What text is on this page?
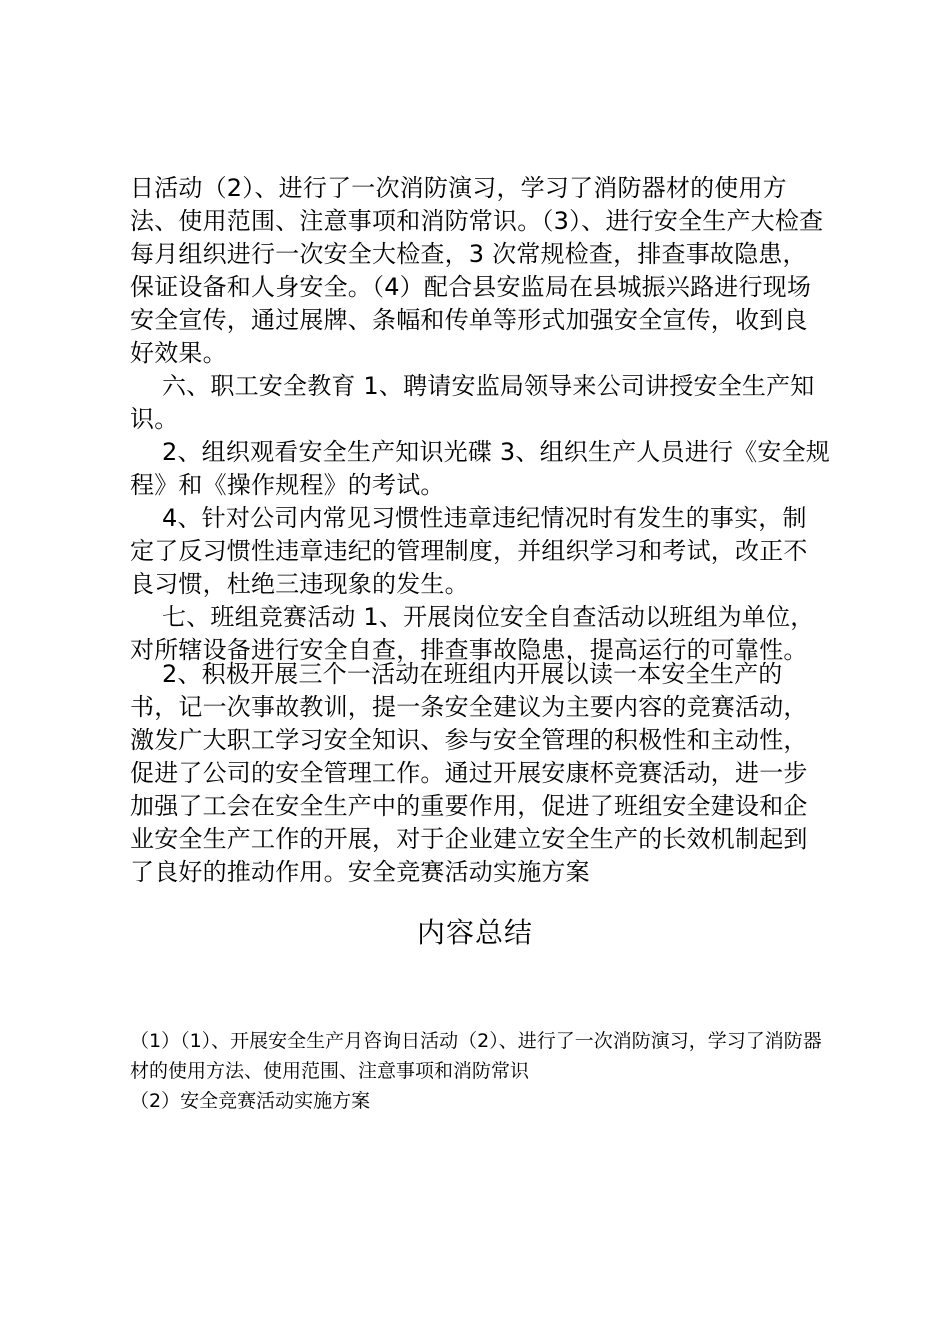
日活动（2）、进行了一次消防演习，学习了消防器材的使用方法、使用范围、注意事项和消防常识。（3）、进行安全生产大检查每月组织进行一次安全大检查，3 次常规检查，排查事故隐患，保证设备和人身安全。（4）配合县安监局在县城振兴路进行现场安全宣传，通过展牌、条幅和传单等形式加强安全宣传，收到良好效果。

六、职工安全教育 1、聘请安监局领导来公司讲授安全生产知识。

2、组织观看安全生产知识光碟 3、组织生产人员进行《安全规程》和《操作规程》的考试。

4、针对公司内常见习惯性违章违纪情况时有发生的事实，制定了反习惯性违章违纪的管理制度，并组织学习和考试，改正不良习惯，杜绝三违现象的发生。

七、班组竞赛活动 1、开展岗位安全自查活动以班组为单位，对所辖设备进行安全自查，排查事故隐患，提高运行的可靠性。

2、积极开展三个一活动在班组内开展以读一本安全生产的书，记一次事故教训，提一条安全建议为主要内容的竞赛活动，激发广大职工学习安全知识、参与安全管理的积极性和主动性，促进了公司的安全管理工作。通过开展安康杯竞赛活动，进一步加强了工会在安全生产中的重要作用，促进了班组安全建设和企业安全生产工作的开展，对于企业建立安全生产的长效机制起到了良好的推动作用。安全竞赛活动实施方案

内容总结

（1）（1）、开展安全生产月咨询日活动（2）、进行了一次消防演习，学习了消防器材的使用方法、使用范围、注意事项和消防常识

（2）安全竞赛活动实施方案
